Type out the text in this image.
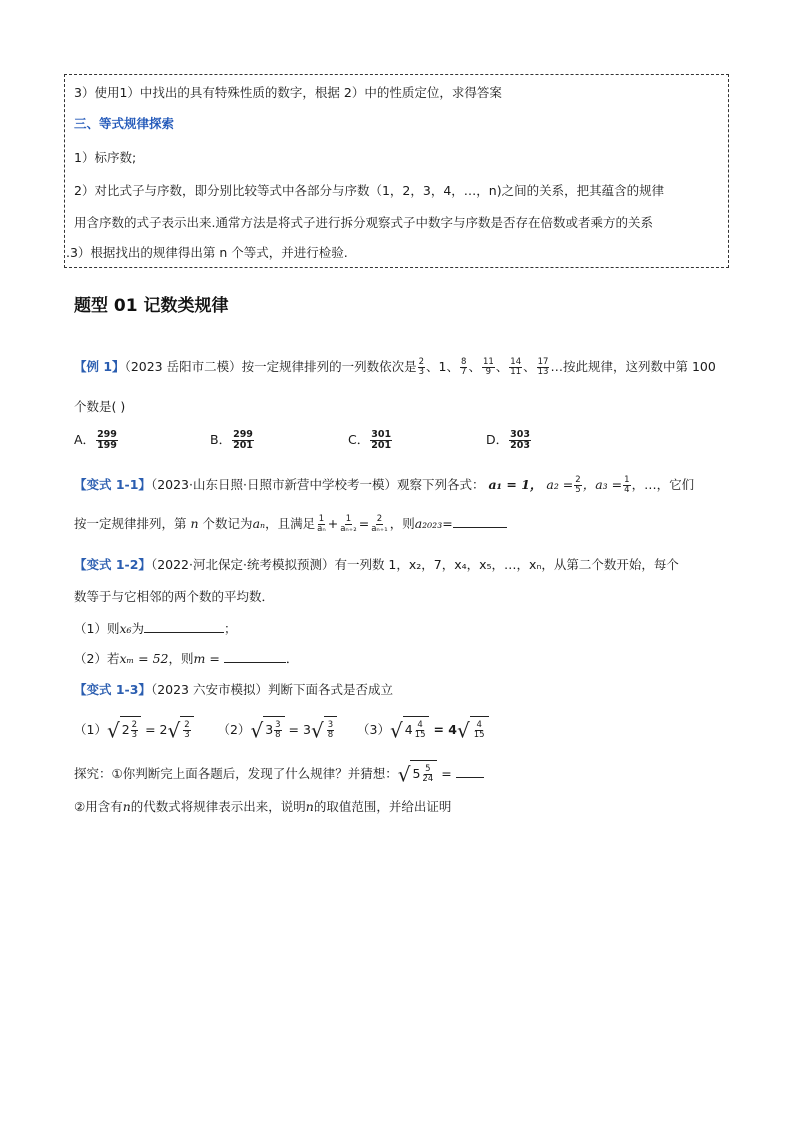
3）使用1）中找出的具有特殊性质的数字，根据 2）中的性质定位，求得答案
三、等式规律探索
1）标序数;
2）对比式子与序数，即分别比较等式中各部分与序数（1，2，3，4，…，n)之间的关系，把其蕴含的规律
用含序数的式子表示出来.通常方法是将式子进行拆分观察式子中数字与序数是否存在倍数或者乘方的关系
.3）根据找出的规律得出第 n 个等式，并进行检验.
题型 01 记数类规律
【例 1】（2023 岳阳市二模）按一定规律排列的一列数依次是 $\frac{2}{3}$ 、1、 $\frac{8}{7}$ 、 $\frac{11}{9}$ 、 $\frac{14}{11}$ 、 $\frac{17}{13}$ …按此规律，这列数中第 100
个数是( )
A． $\frac{299}{199}$	B． $\frac{299}{201}$	C． $\frac{301}{201}$	D． $\frac{303}{203}$
【变式 1-1】（2023·山东日照·日照市新营中学校考一模）观察下列各式： a₁ = 1， $a_2 = \frac{2}{5}$ ，$a_3 = \frac{1}{4}$ ，…，它们
按一定规律排列，第 n 个数记为aₙ，且满足 $\frac{1}{\text{aₙ}} + \frac{1}{\text{aₙ₊₂}} = \frac{2}{\text{aₙ₊₁}}$ ，则a₂₀₂₃=
【变式 1-2】（2022·河北保定·统考模拟预测）有一列数 1，x₂，7，x₄，x₅，…，xₙ，从第二个数开始，每个
数等于与它相邻的两个数的平均数．
（1）则x₆为	；
（2）若xₘ = 52，则m =	．
【变式 1-3】（2023 六安市模拟）判断下面各式是否成立
（1）√ $2 \frac{2}{3} = 2√ \frac{2}{3} (2)√$ $3 \frac{3}{8} = 3√ \frac{3}{8} (3)√$ $4 \frac{4}{15} = 4√ \frac{4}{15}$
探究：①你判断完上面各题后，发现了什么规律？并猜想：√ $5 \frac{5}{24}$ =
②用含有n的代数式将规律表示出来，说明n的取值范围，并给出证明
